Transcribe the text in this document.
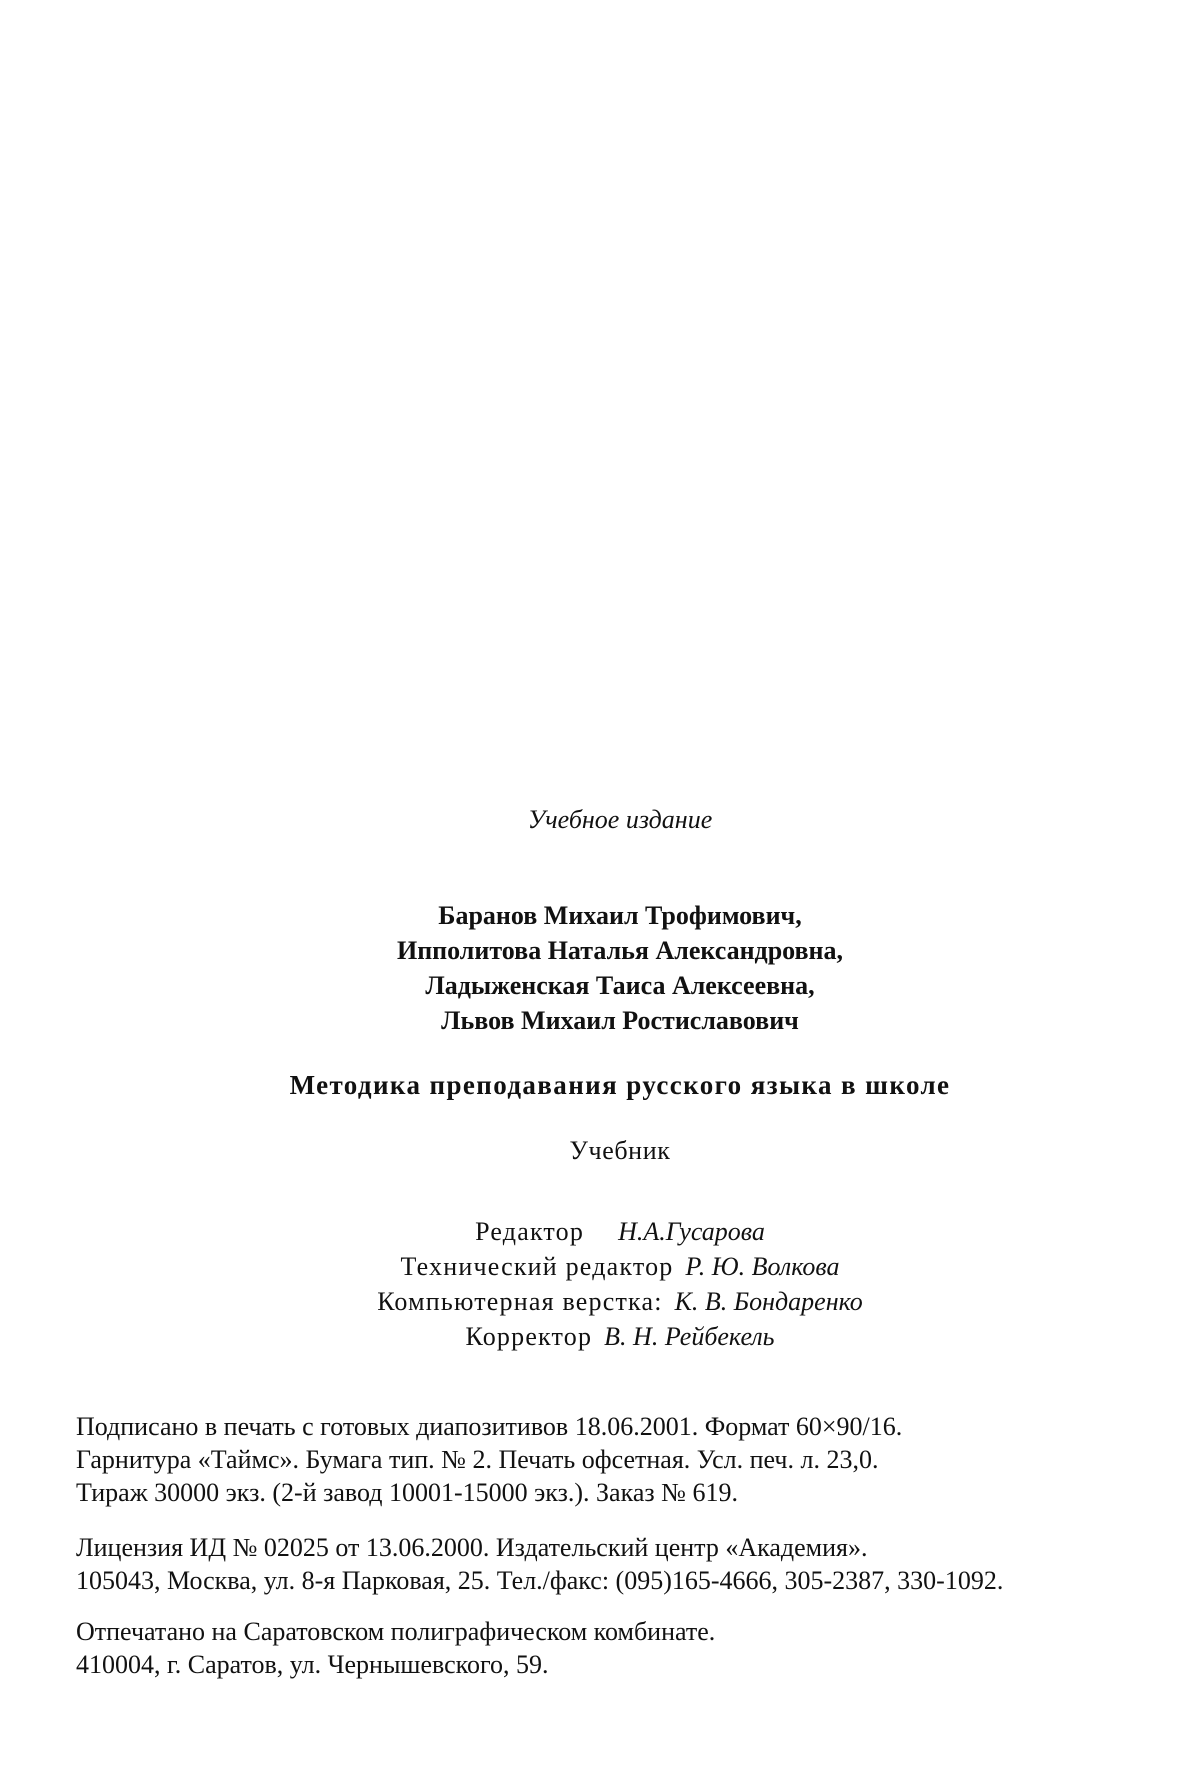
Учебное издание
Баранов Михаил Трофимович,
Ипполитова Наталья Александровна,
Ладыженская Таиса Алексеевна,
Львов Михаил Ростиславович
Методика преподавания русского языка в школе
Учебник
Редактор Н.А.Гусарова
Технический редактор Р. Ю. Волкова
Компьютерная верстка: К. В. Бондаренко
Корректор В. Н. Рейбекель
Подписано в печать с готовых диапозитивов 18.06.2001. Формат 60×90/16.
Гарнитура «Таймс». Бумага тип. № 2. Печать офсетная. Усл. печ. л. 23,0.
Тираж 30000 экз. (2-й завод 10001-15000 экз.). Заказ № 619.
Лицензия ИД № 02025 от 13.06.2000. Издательский центр «Академия».
105043, Москва, ул. 8-я Парковая, 25. Тел./факс: (095)165-4666, 305-2387, 330-1092.
Отпечатано на Саратовском полиграфическом комбинате.
410004, г. Саратов, ул. Чернышевского, 59.
